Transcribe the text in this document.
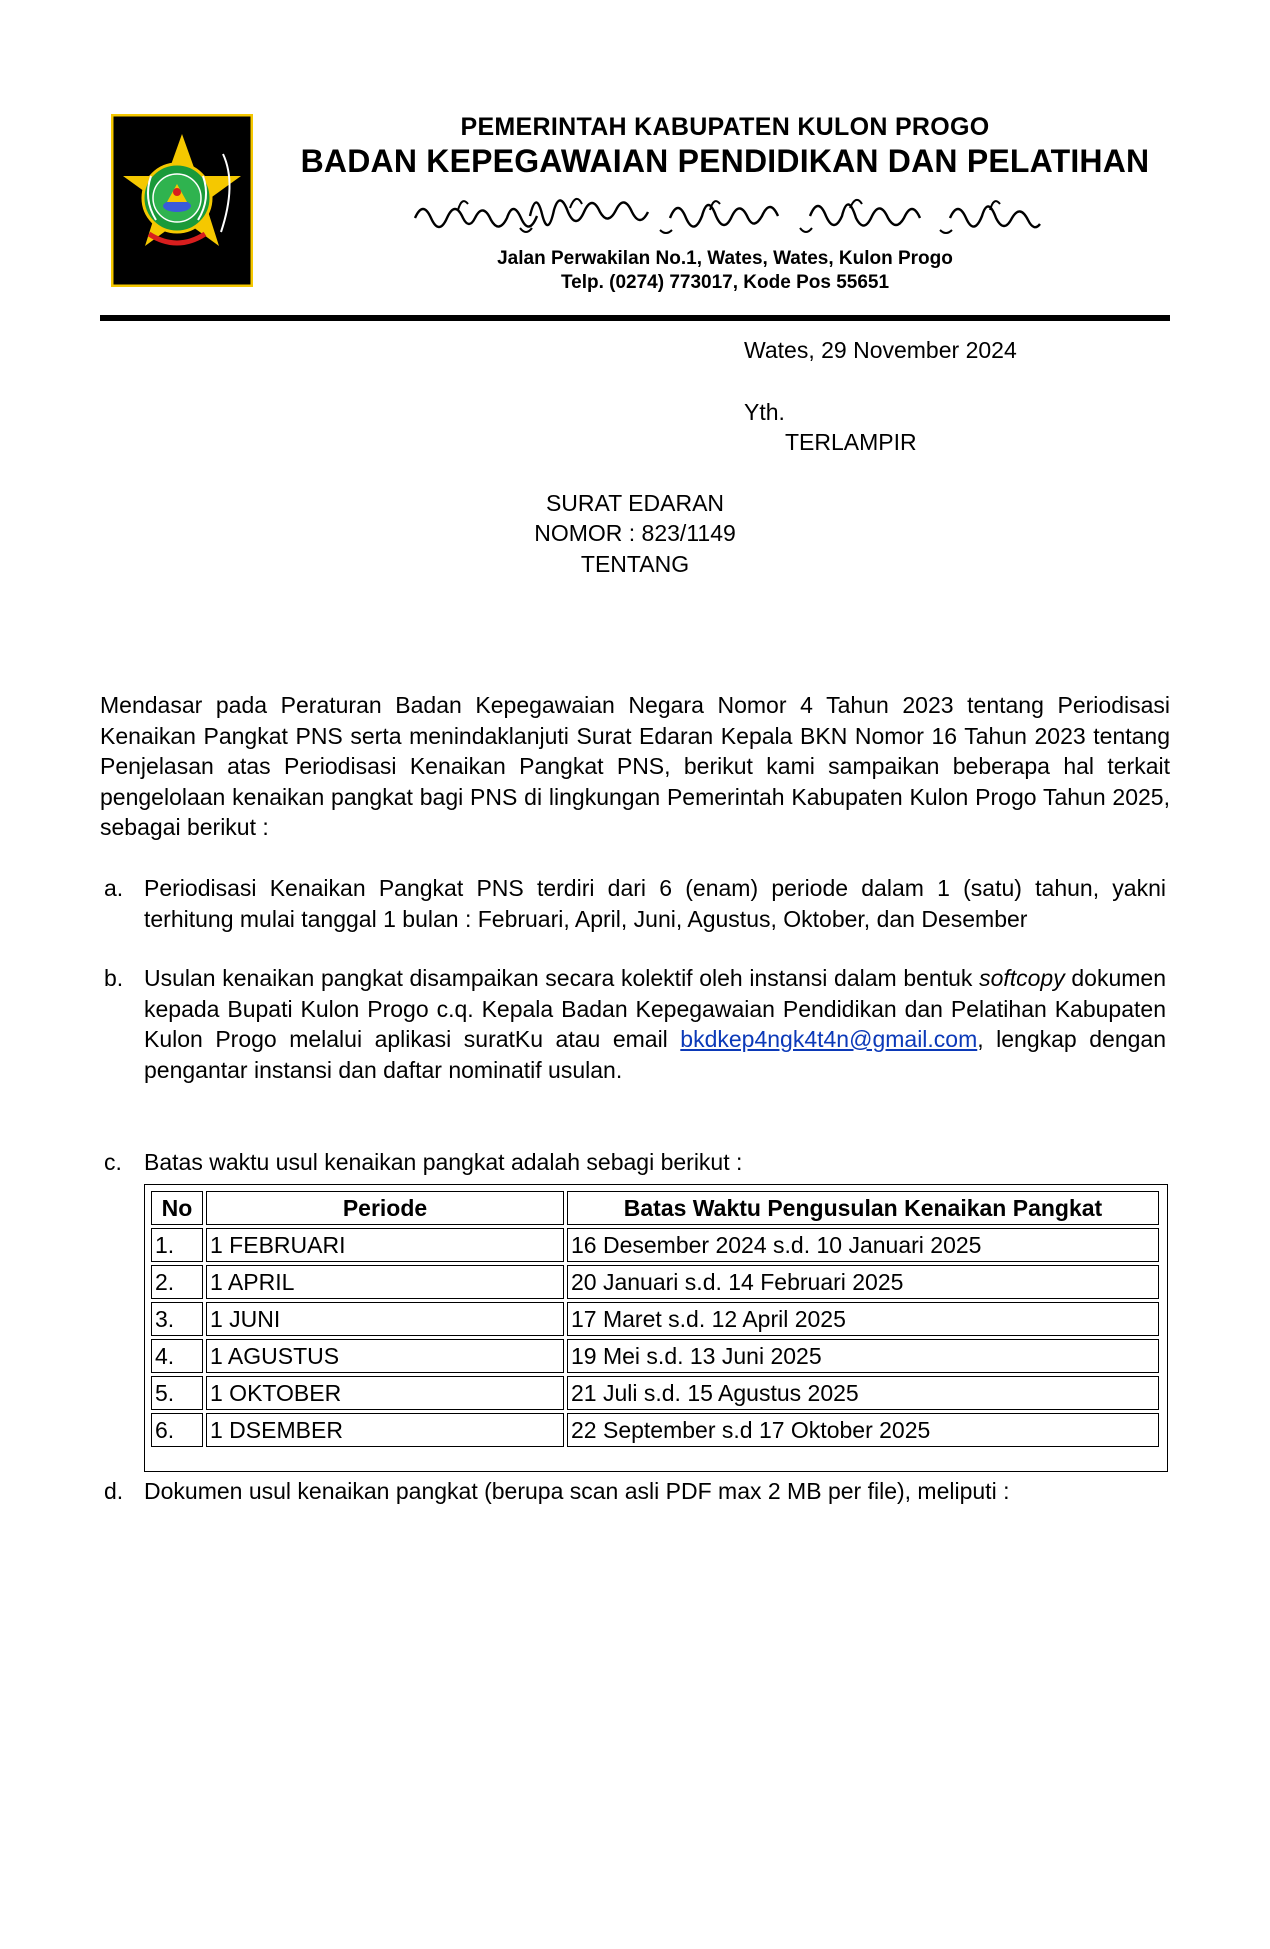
PEMERINTAH KABUPATEN KULON PROGO
BADAN KEPEGAWAIAN PENDIDIKAN DAN PELATIHAN
Jalan Perwakilan No.1, Wates, Wates, Kulon Progo
Telp. (0274) 773017, Kode Pos 55651
Wates, 29 November 2024
Yth.
TERLAMPIR
SURAT EDARAN
NOMOR : 823/1149
TENTANG
Mendasar pada Peraturan Badan Kepegawaian Negara Nomor 4 Tahun 2023 tentang Periodisasi Kenaikan Pangkat PNS serta menindaklanjuti Surat Edaran Kepala BKN Nomor 16 Tahun 2023 tentang Penjelasan atas Periodisasi Kenaikan Pangkat PNS, berikut kami sampaikan beberapa hal terkait pengelolaan kenaikan pangkat bagi PNS di lingkungan Pemerintah Kabupaten Kulon Progo Tahun 2025, sebagai berikut :
a. Periodisasi Kenaikan Pangkat PNS terdiri dari 6 (enam) periode dalam 1 (satu) tahun, yakni terhitung mulai tanggal 1 bulan : Februari, April, Juni, Agustus, Oktober, dan Desember
b. Usulan kenaikan pangkat disampaikan secara kolektif oleh instansi dalam bentuk softcopy dokumen kepada Bupati Kulon Progo c.q. Kepala Badan Kepegawaian Pendidikan dan Pelatihan Kabupaten Kulon Progo melalui aplikasi suratKu atau email bkdkep4ngk4t4n@gmail.com, lengkap dengan pengantar instansi dan daftar nominatif usulan.
c. Batas waktu usul kenaikan pangkat adalah sebagi berikut :
No	Periode	Batas Waktu Pengusulan Kenaikan Pangkat
1.	1 FEBRUARI	16 Desember 2024 s.d. 10 Januari 2025
2.	1 APRIL	20 Januari s.d. 14 Februari 2025
3.	1 JUNI	17 Maret s.d. 12 April 2025
4.	1 AGUSTUS	19 Mei s.d. 13 Juni 2025
5.	1 OKTOBER	21 Juli s.d. 15 Agustus 2025
6.	1 DSEMBER	22 September s.d 17 Oktober 2025
d. Dokumen usul kenaikan pangkat (berupa scan asli PDF max 2 MB per file), meliputi :
